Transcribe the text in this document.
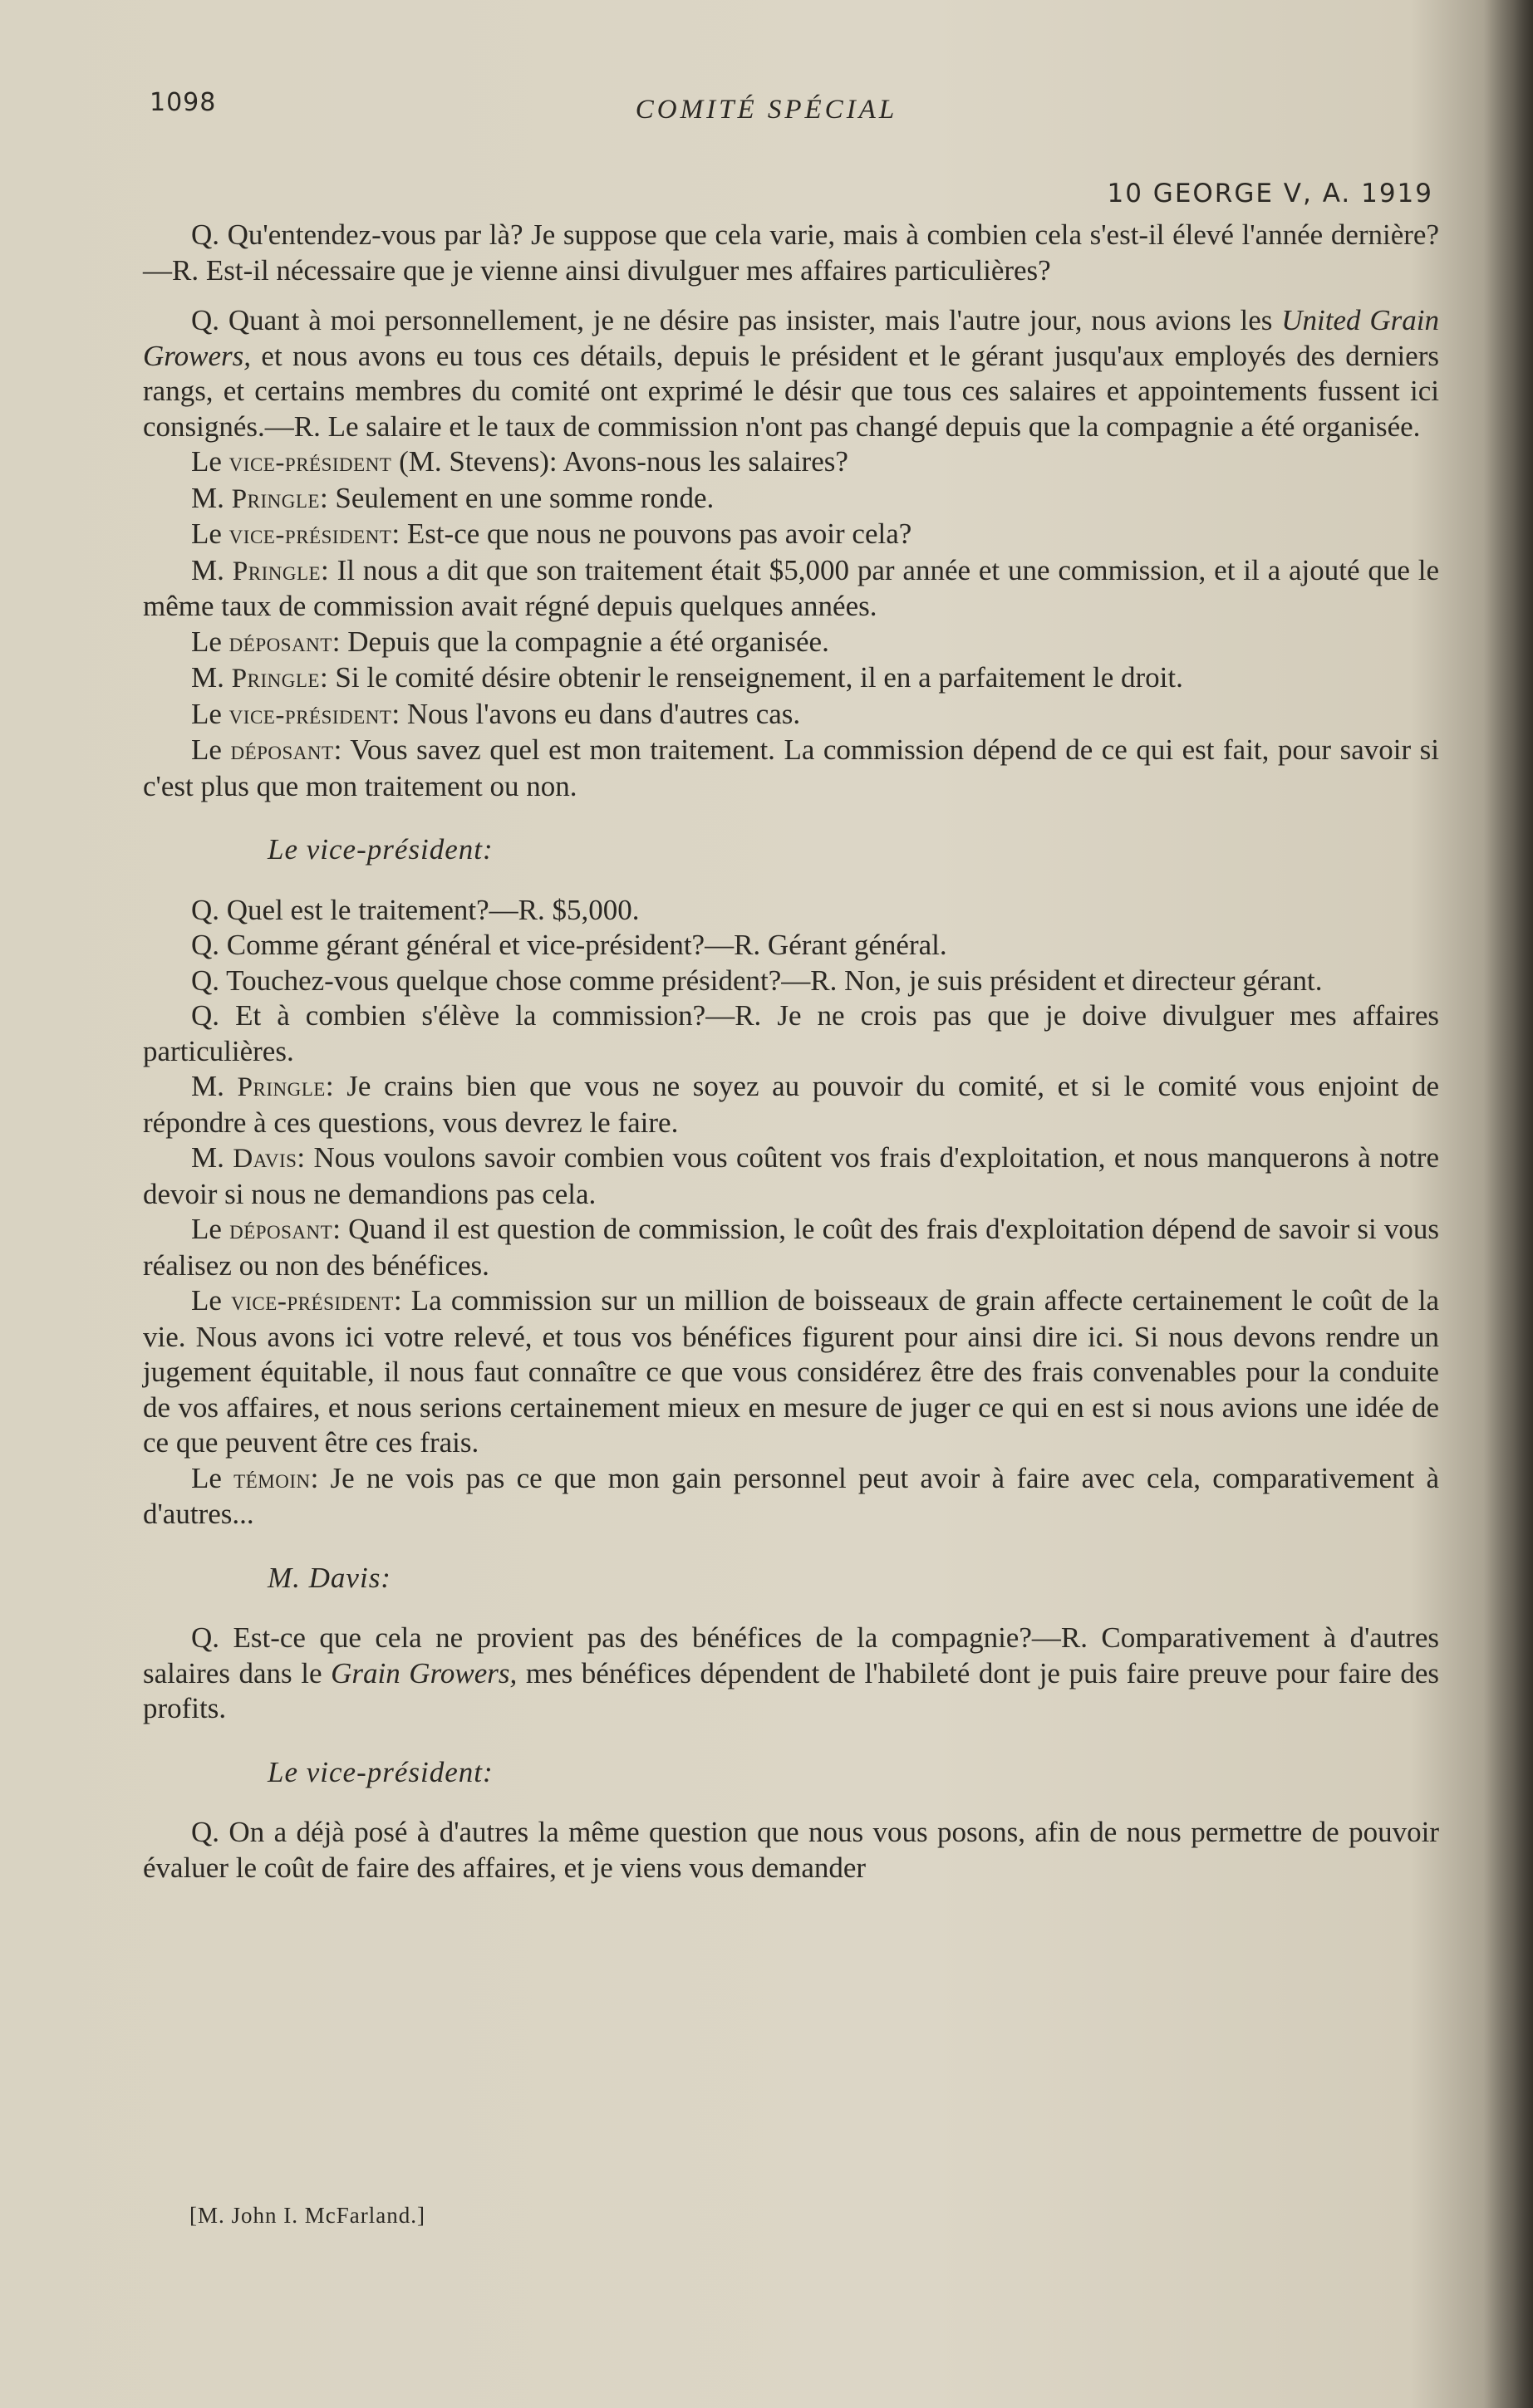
1098	COMITÉ SPÉCIAL
10 GEORGE V, A. 1919

Q. Qu'entendez-vous par là? Je suppose que cela varie, mais à combien cela s'est-il élevé l'année dernière?—R. Est-il nécessaire que je vienne ainsi divulguer mes affaires particulières?

Q. Quant à moi personnellement, je ne désire pas insister, mais l'autre jour, nous avions les United Grain Growers, et nous avons eu tous ces détails, depuis le président et le gérant jusqu'aux employés des derniers rangs, et certains membres du comité ont exprimé le désir que tous ces salaires et appointements fussent ici consignés.—R. Le salaire et le taux de commission n'ont pas changé depuis que la compagnie a été organisée.

Le vice-président (M. Stevens): Avons-nous les salaires?

M. Pringle: Seulement en une somme ronde.

Le vice-président: Est-ce que nous ne pouvons pas avoir cela?

M. Pringle: Il nous a dit que son traitement était $5,000 par année et une commission, et il a ajouté que le même taux de commission avait régné depuis quelques années.

Le déposant: Depuis que la compagnie a été organisée.

M. Pringle: Si le comité désire obtenir le renseignement, il en a parfaitement le droit.

Le vice-président: Nous l'avons eu dans d'autres cas.

Le déposant: Vous savez quel est mon traitement. La commission dépend de ce qui est fait, pour savoir si c'est plus que mon traitement ou non.

Le vice-président:

Q. Quel est le traitement?—R. $5,000.

Q. Comme gérant général et vice-président?—R. Gérant général.

Q. Touchez-vous quelque chose comme président?—R. Non, je suis président et directeur gérant.

Q. Et à combien s'élève la commission?—R. Je ne crois pas que je doive divulguer mes affaires particulières.

M. Pringle: Je crains bien que vous ne soyez au pouvoir du comité, et si le comité vous enjoint de répondre à ces questions, vous devrez le faire.

M. Davis: Nous voulons savoir combien vous coûtent vos frais d'exploitation, et nous manquerons à notre devoir si nous ne demandions pas cela.

Le déposant: Quand il est question de commission, le coût des frais d'exploitation dépend de savoir si vous réalisez ou non des bénéfices.

Le vice-président: La commission sur un million de boisseaux de grain affecte certainement le coût de la vie. Nous avons ici votre relevé, et tous vos bénéfices figurent pour ainsi dire ici. Si nous devons rendre un jugement équitable, il nous faut connaître ce que vous considérez être des frais convenables pour la conduite de vos affaires, et nous serions certainement mieux en mesure de juger ce qui en est si nous avions une idée de ce que peuvent être ces frais.

Le témoin: Je ne vois pas ce que mon gain personnel peut avoir à faire avec cela, comparativement à d'autres...

M. Davis:

Q. Est-ce que cela ne provient pas des bénéfices de la compagnie?—R. Comparativement à d'autres salaires dans le Grain Growers, mes bénéfices dépendent de l'habileté dont je puis faire preuve pour faire des profits.

Le vice-président:

Q. On a déjà posé à d'autres la même question que nous vous posons, afin de nous permettre de pouvoir évaluer le coût de faire des affaires, et je viens vous demander

[M. John I. McFarland.]
